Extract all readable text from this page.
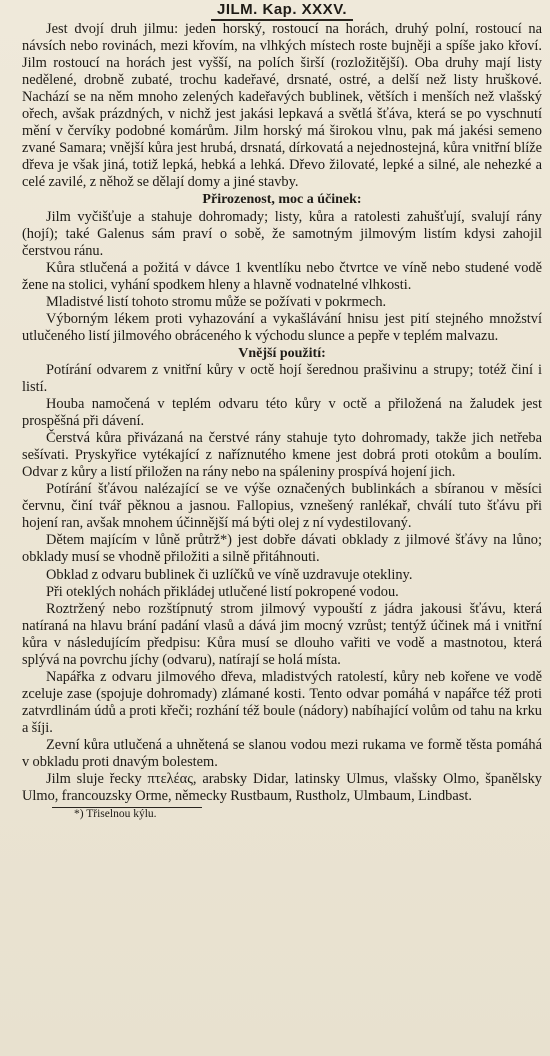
JILM. Kap. XXXV.

Jest dvojí druh jilmu: jeden horský, rostoucí na horách, druhý polní, rostoucí na návsích nebo rovinách, mezi křovím, na vlhkých místech roste bujněji a spíše jako křoví. Jilm rostoucí na horách jest vyšší, na polích širší (rozložitější). Oba druhy mají listy nedělené, drobně zubaté, trochu kadeřavé, drsnaté, ostré, a delší než listy hruškové. Nachází se na něm mnoho zelených kadeřavých bublinek, větších i menších než vlašský ořech, avšak prázdných, v nichž jest jakási lepkavá a světlá šťáva, která se po vyschnutí mění v červíky podobné komárům. Jilm horský má širokou vlnu, pak má jakési semeno zvané Samara; vnější kůra jest hrubá, drsnatá, dírkovatá a nejednostejná, kůra vnitřní blíže dřeva je však jiná, totiž lepká, hebká a lehká. Dřevo žilovaté, lepké a silné, ale nehezké a celé zavilé, z něhož se dělají domy a jiné stavby.

Přirozenost, moc a účinek:

Jilm vyčišťuje a stahuje dohromady; listy, kůra a ratolesti zahušťují, svalují rány (hojí); také Galenus sám praví o sobě, že samotným jilmovým listím kdysi zahojil čerstvou ránu.

Kůra stlučená a požitá v dávce 1 kventlíku nebo čtvrtce ve víně nebo studené vodě žene na stolici, vyhání spodkem hleny a hlavně vodnatelné vlhkosti.

Mladistvé listí tohoto stromu může se požívati v pokrmech.

Výborným lékem proti vyhazování a vykašlávání hnisu jest pití stejného množství utlučeného listí jilmového obráceného k východu slunce a pepře v teplém malvazu.

Vnější použití:

Potírání odvarem z vnitřní kůry v octě hojí šerednou prašivinu a strupy; totéž činí i listí.

Houba namočená v teplém odvaru této kůry v octě a přiložená na žaludek jest prospěšná při dávení.

Čerstvá kůra přivázaná na čerstvé rány stahuje tyto dohromady, takže jich netřeba sešívati. Pryskyřice vytékající z naříznutého kmene jest dobrá proti otokům a boulím. Odvar z kůry a listí přiložen na rány nebo na spáleniny prospívá hojení jich.

Potírání šťávou nalézající se ve výše označených bublinkách a sbíranou v měsíci červnu, činí tvář pěknou a jasnou. Fallopius, vznešený ranlékař, chválí tuto šťávu při hojení ran, avšak mnohem účinnější má býti olej z ní vydestilovaný.

Dětem majícím v lůně průtrž*) jest dobře dávati obklady z jilmové šťávy na lůno; obklady musí se vhodně přiložiti a silně přitáhnouti.

Obklad z odvaru bublinek či uzlíčků ve víně uzdravuje otekliny.

Při oteklých nohách přikládej utlučené listí pokropené vodou.

Roztržený nebo rozštípnutý strom jilmový vypouští z jádra jakousi šťávu, která natíraná na hlavu brání padání vlasů a dává jim mocný vzrůst; tentýž účinek má i vnitřní kůra v následujícím předpisu: Kůra musí se dlouho vařiti ve vodě a mastnotou, která splývá na povrchu jíchy (odvaru), natírají se holá místa.

Napářka z odvaru jilmového dřeva, mladistvých ratolestí, kůry neb kořene ve vodě zceluje zase (spojuje dohromady) zlámané kosti. Tento odvar pomáhá v napářce též proti zatvrdlinám údů a proti křeči; rozhání též boule (nádory) nabíhající volům od tahu na krku a šíji.

Zevní kůra utlučená a uhnětená se slanou vodou mezi rukama ve formě těsta pomáhá v obkladu proti dnavým bolestem.

Jilm sluje řecky πτελέας, arabsky Didar, latinsky Ulmus, vlašsky Olmo, španělsky Ulmo, francouzsky Orme, německy Rustbaum, Rustholz, Ulmbaum, Lindbast.

*) Třiselnou kýlu.
